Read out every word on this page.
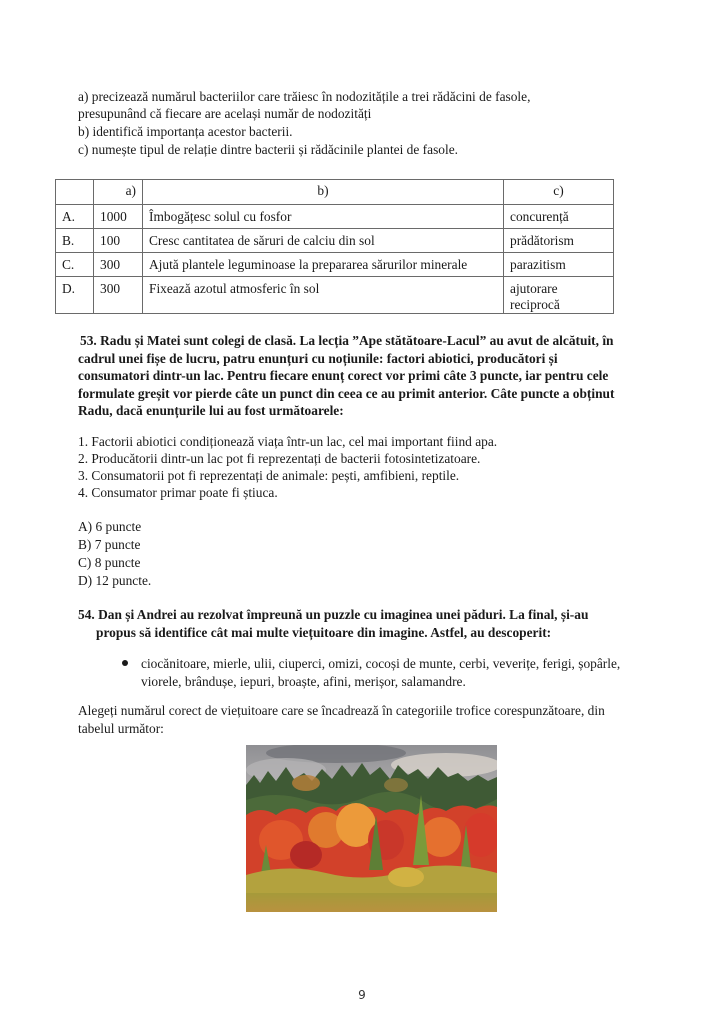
a) precizează numărul bacteriilor care trăiesc în nodozitățile a trei rădăcini de fasole,
presupunând că fiecare are același număr de nodozități
b) identifică importanța acestor bacterii.
c) numește tipul de relație dintre bacterii și rădăcinile plantei de fasole.
	a)	b)	c)
A.	1000	Îmbogățesc solul cu fosfor	concurență
B.	100	Cresc cantitatea de săruri de calciu din sol	prădătorism
C.	300	Ajută plantele leguminoase la prepararea sărurilor minerale	parazitism
D.	300	Fixează azotul atmosferic în sol	ajutorare
reciprocă
53. Radu și Matei sunt colegi de clasă. La lecția ”Ape stătătoare-Lacul” au avut de alcătuit, în
cadrul unei fișe de lucru, patru enunțuri cu noțiunile: factori abiotici, producători și
consumatori dintr-un lac. Pentru fiecare enunț corect vor primi câte 3 puncte, iar pentru cele
formulate greșit vor pierde câte un punct din ceea ce au primit anterior. Câte puncte a obținut
Radu, dacă enunțurile lui au fost următoarele:
1. Factorii abiotici condiționează viața într-un lac, cel mai important fiind apa.
2. Producătorii dintr-un lac pot fi reprezentați de bacterii fotosintetizatoare.
3. Consumatorii pot fi reprezentați de animale: pești, amfibieni, reptile.
4. Consumator primar poate fi știuca.
A) 6 puncte
B) 7 puncte
C) 8 puncte
D) 12 puncte.
54. Dan și Andrei au rezolvat împreună un puzzle cu imaginea unei păduri. La final, și-au
propus să identifice cât mai multe viețuitoare din imagine. Astfel, au descoperit:
ciocănitoare, mierle, ulii, ciuperci, omizi, cocoși de munte, cerbi, veverițe, ferigi, șopârle,
viorele, brândușe, iepuri, broaște, afini, merișor, salamandre.
Alegeți numărul corect de viețuitoare care se încadrează în categoriile trofice corespunzătoare, din
tabelul următor:
9
